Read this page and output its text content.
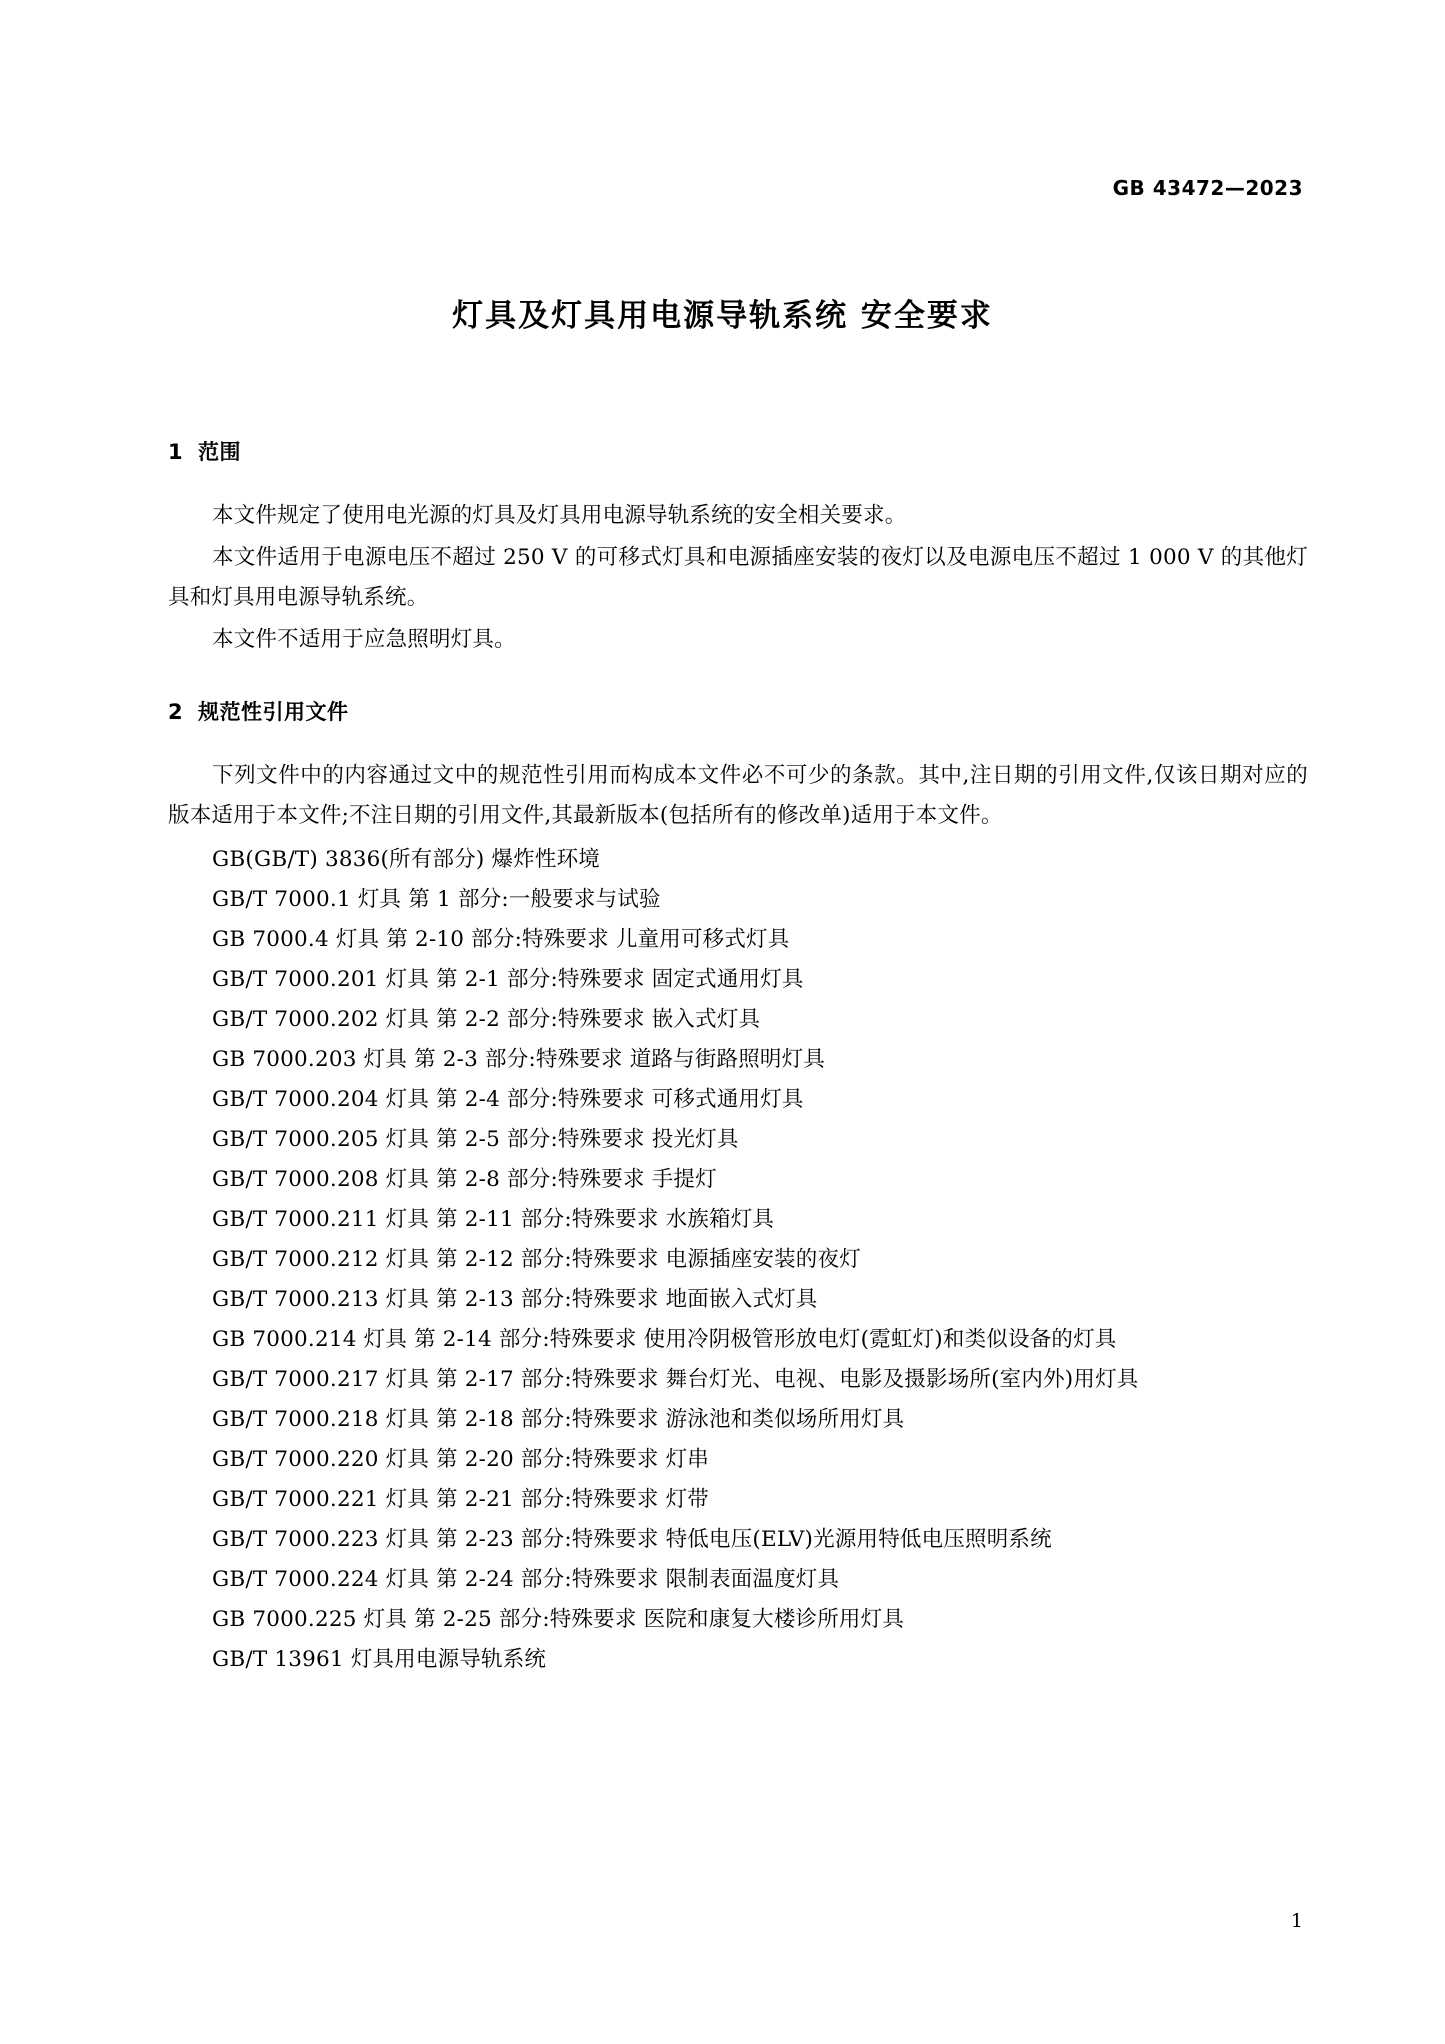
GB 43472—2023
灯具及灯具用电源导轨系统 安全要求
1 范围

本文件规定了使用电光源的灯具及灯具用电源导轨系统的安全相关要求。

本文件适用于电源电压不超过 250 V 的可移式灯具和电源插座安装的夜灯以及电源电压不超过 1 000 V 的其他灯具和灯具用电源导轨系统。

本文件不适用于应急照明灯具。

2 规范性引用文件

下列文件中的内容通过文中的规范性引用而构成本文件必不可少的条款。其中,注日期的引用文件,仅该日期对应的版本适用于本文件;不注日期的引用文件,其最新版本(包括所有的修改单)适用于本文件。

GB(GB/T) 3836(所有部分) 爆炸性环境
GB/T 7000.1 灯具 第 1 部分:一般要求与试验
GB 7000.4 灯具 第 2-10 部分:特殊要求 儿童用可移式灯具
GB/T 7000.201 灯具 第 2-1 部分:特殊要求 固定式通用灯具
GB/T 7000.202 灯具 第 2-2 部分:特殊要求 嵌入式灯具
GB 7000.203 灯具 第 2-3 部分:特殊要求 道路与街路照明灯具
GB/T 7000.204 灯具 第 2-4 部分:特殊要求 可移式通用灯具
GB/T 7000.205 灯具 第 2-5 部分:特殊要求 投光灯具
GB/T 7000.208 灯具 第 2-8 部分:特殊要求 手提灯
GB/T 7000.211 灯具 第 2-11 部分:特殊要求 水族箱灯具
GB/T 7000.212 灯具 第 2-12 部分:特殊要求 电源插座安装的夜灯
GB/T 7000.213 灯具 第 2-13 部分:特殊要求 地面嵌入式灯具
GB 7000.214 灯具 第 2-14 部分:特殊要求 使用冷阴极管形放电灯(霓虹灯)和类似设备的灯具
GB/T 7000.217 灯具 第 2-17 部分:特殊要求 舞台灯光、电视、电影及摄影场所(室内外)用灯具
GB/T 7000.218 灯具 第 2-18 部分:特殊要求 游泳池和类似场所用灯具
GB/T 7000.220 灯具 第 2-20 部分:特殊要求 灯串
GB/T 7000.221 灯具 第 2-21 部分:特殊要求 灯带
GB/T 7000.223 灯具 第 2-23 部分:特殊要求 特低电压(ELV)光源用特低电压照明系统
GB/T 7000.224 灯具 第 2-24 部分:特殊要求 限制表面温度灯具
GB 7000.225 灯具 第 2-25 部分:特殊要求 医院和康复大楼诊所用灯具
GB/T 13961 灯具用电源导轨系统
1
